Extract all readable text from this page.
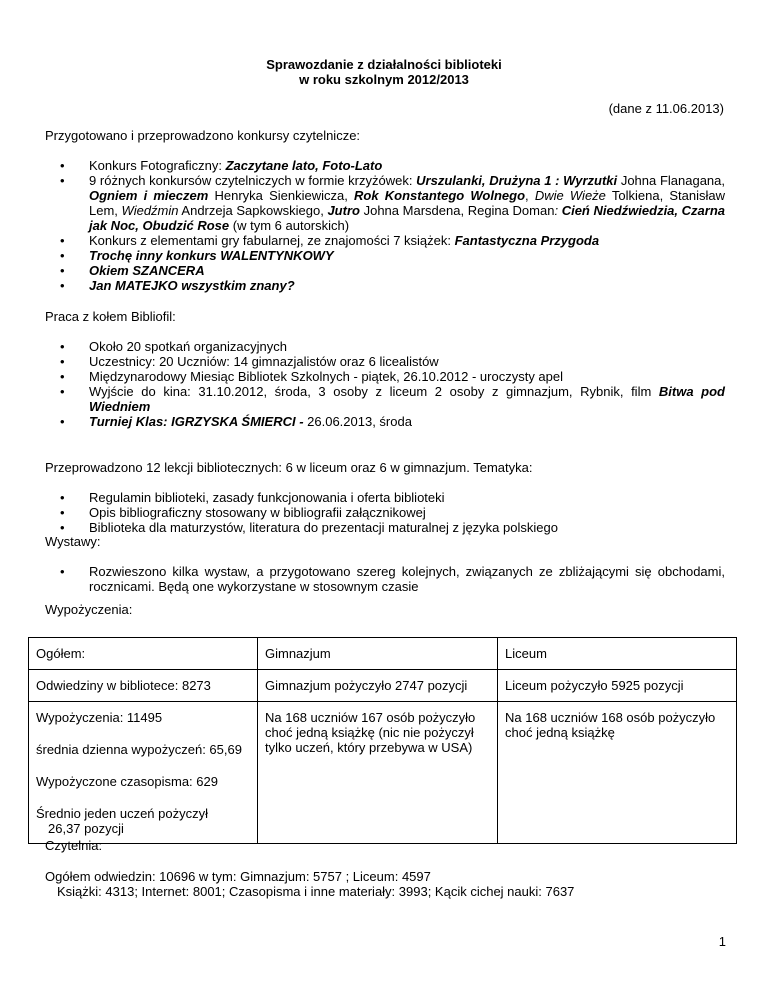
Sprawozdanie z działalności biblioteki
w roku szkolnym 2012/2013
(dane z 11.06.2013)
Przygotowano i przeprowadzono konkursy czytelnicze:
• Konkurs Fotograficzny: Zaczytane lato, Foto-Lato
• 9 różnych konkursów czytelniczych w formie krzyżówek: Urszulanki, Drużyna 1 : Wyrzutki Johna Flanagana, Ogniem i mieczem Henryka Sienkiewicza, Rok Konstantego Wolnego, Dwie Wieże Tolkiena, Stanisław Lem, Wiedźmin Andrzeja Sapkowskiego, Jutro Johna Marsdena, Regina Doman: Cień Niedźwiedzia, Czarna jak Noc, Obudzić Rose (w tym 6 autorskich)
• Konkurs z elementami gry fabularnej, ze znajomości 7 książek: Fantastyczna Przygoda
• Trochę inny konkurs WALENTYNKOWY
• Okiem SZANCERA
• Jan MATEJKO wszystkim znany?
Praca z kołem Bibliofil:
• Około 20 spotkań organizacyjnych
• Uczestnicy: 20 Uczniów: 14 gimnazjalistów oraz 6 licealistów
• Międzynarodowy Miesiąc Bibliotek Szkolnych - piątek, 26.10.2012 - uroczysty apel
• Wyjście do kina: 31.10.2012, środa, 3 osoby z liceum 2 osoby z gimnazjum, Rybnik, film Bitwa pod Wiedniem
• Turniej Klas: IGRZYSKA ŚMIERCI - 26.06.2013, środa
Przeprowadzono 12 lekcji bibliotecznych: 6 w liceum oraz 6 w gimnazjum. Tematyka:
• Regulamin biblioteki, zasady funkcjonowania i oferta biblioteki
• Opis bibliograficzny stosowany w bibliografii załącznikowej
• Biblioteka dla maturzystów, literatura do prezentacji maturalnej z języka polskiego
Wystawy:
• Rozwieszono kilka wystaw, a przygotowano szereg kolejnych, związanych ze zbliżającymi się obchodami, rocznicami. Będą one wykorzystane w stosownym czasie
Wypożyczenia:
Ogółem:	Gimnazjum	Liceum
Odwiedziny w bibliotece: 8273	Gimnazjum pożyczyło 2747 pozycji	Liceum pożyczyło 5925 pozycji

Wypożyczenia: 11495
średnia dzienna wypożyczeń: 65,69
Wypożyczone czasopisma: 629
Średnio jeden uczeń pożyczył
26,37 pozycji	Na 168 uczniów 167 osób pożyczyło choć jedną książkę (nic nie pożyczył tylko uczeń, który przebywa w USA)	Na 168 uczniów 168 osób pożyczyło choć jedną książkę
Czytelnia:
Ogółem odwiedzin: 10696 w tym: Gimnazjum: 5757 ; Liceum: 4597
Książki: 4313; Internet: 8001; Czasopisma i inne materiały: 3993; Kącik cichej nauki: 7637
1
